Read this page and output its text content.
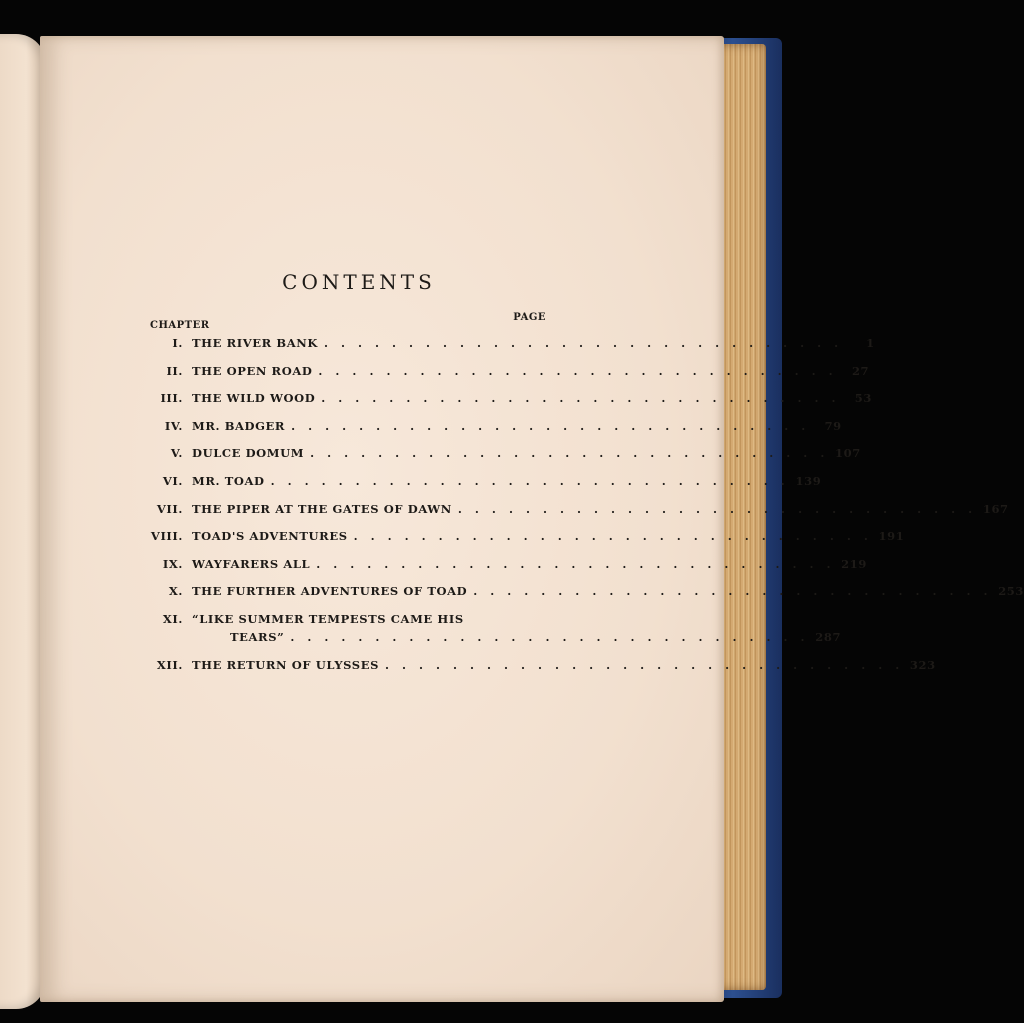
CONTENTS
CHAPTER
PAGE
I. THE RIVER BANK . . . . . . . . . . . . . . . . . . . . . . . . . . . . . . .	1
II. THE OPEN ROAD . . . . . . . . . . . . . . . . . . . . . . . . . . . . . . .	27
III. THE WILD WOOD . . . . . . . . . . . . . . . . . . . . . . . . . . . . . . .	53
IV. MR. BADGER . . . . . . . . . . . . . . . . . . . . . . . . . . . . . . .	79
V. DULCE DOMUM . . . . . . . . . . . . . . . . . . . . . . . . . . . . . . . 107
VI. MR. TOAD . . . . . . . . . . . . . . . . . . . . . . . . . . . . . . . 139
VII. THE PIPER AT THE GATES OF DAWN . . . . . . . . . . . . . . . . . . . . . . . . . . . . . . . 167
VIII. TOAD'S ADVENTURES . . . . . . . . . . . . . . . . . . . . . . . . . . . . . . . 191
IX. WAYFARERS ALL . . . . . . . . . . . . . . . . . . . . . . . . . . . . . . . 219
X. THE FURTHER ADVENTURES OF TOAD . . . . . . . . . . . . . . . . . . . . . . . . . . . . . . . 253
XI. “LIKE SUMMER TEMPESTS CAME HIS
TEARS” . . . . . . . . . . . . . . . . . . . . . . . . . . . . . . . 287
XII. THE RETURN OF ULYSSES . . . . . . . . . . . . . . . . . . . . . . . . . . . . . . . 323
